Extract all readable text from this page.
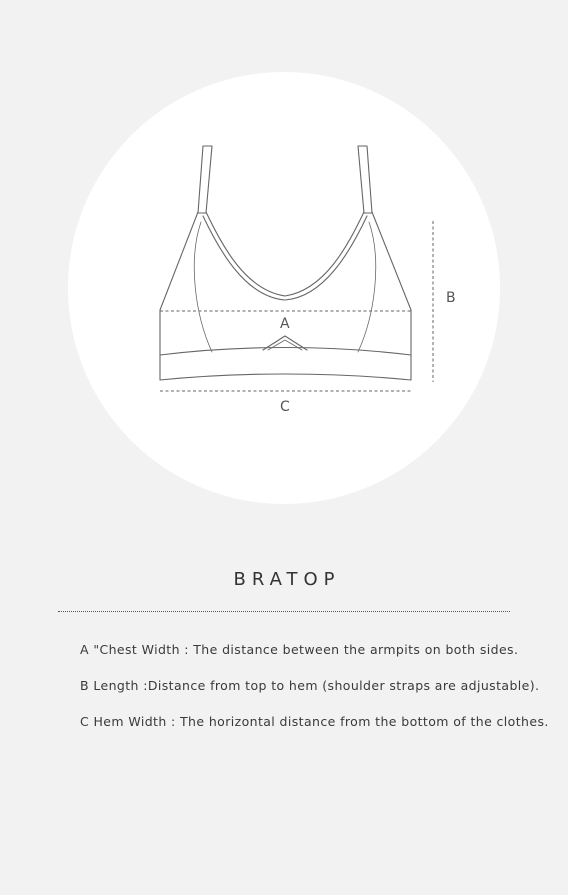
A
B
C
BRATOP
A "Chest Width : The distance between the armpits on both sides.
B Length :Distance from top to hem (shoulder straps are adjustable).
C Hem Width : The horizontal distance from the bottom of the clothes.
